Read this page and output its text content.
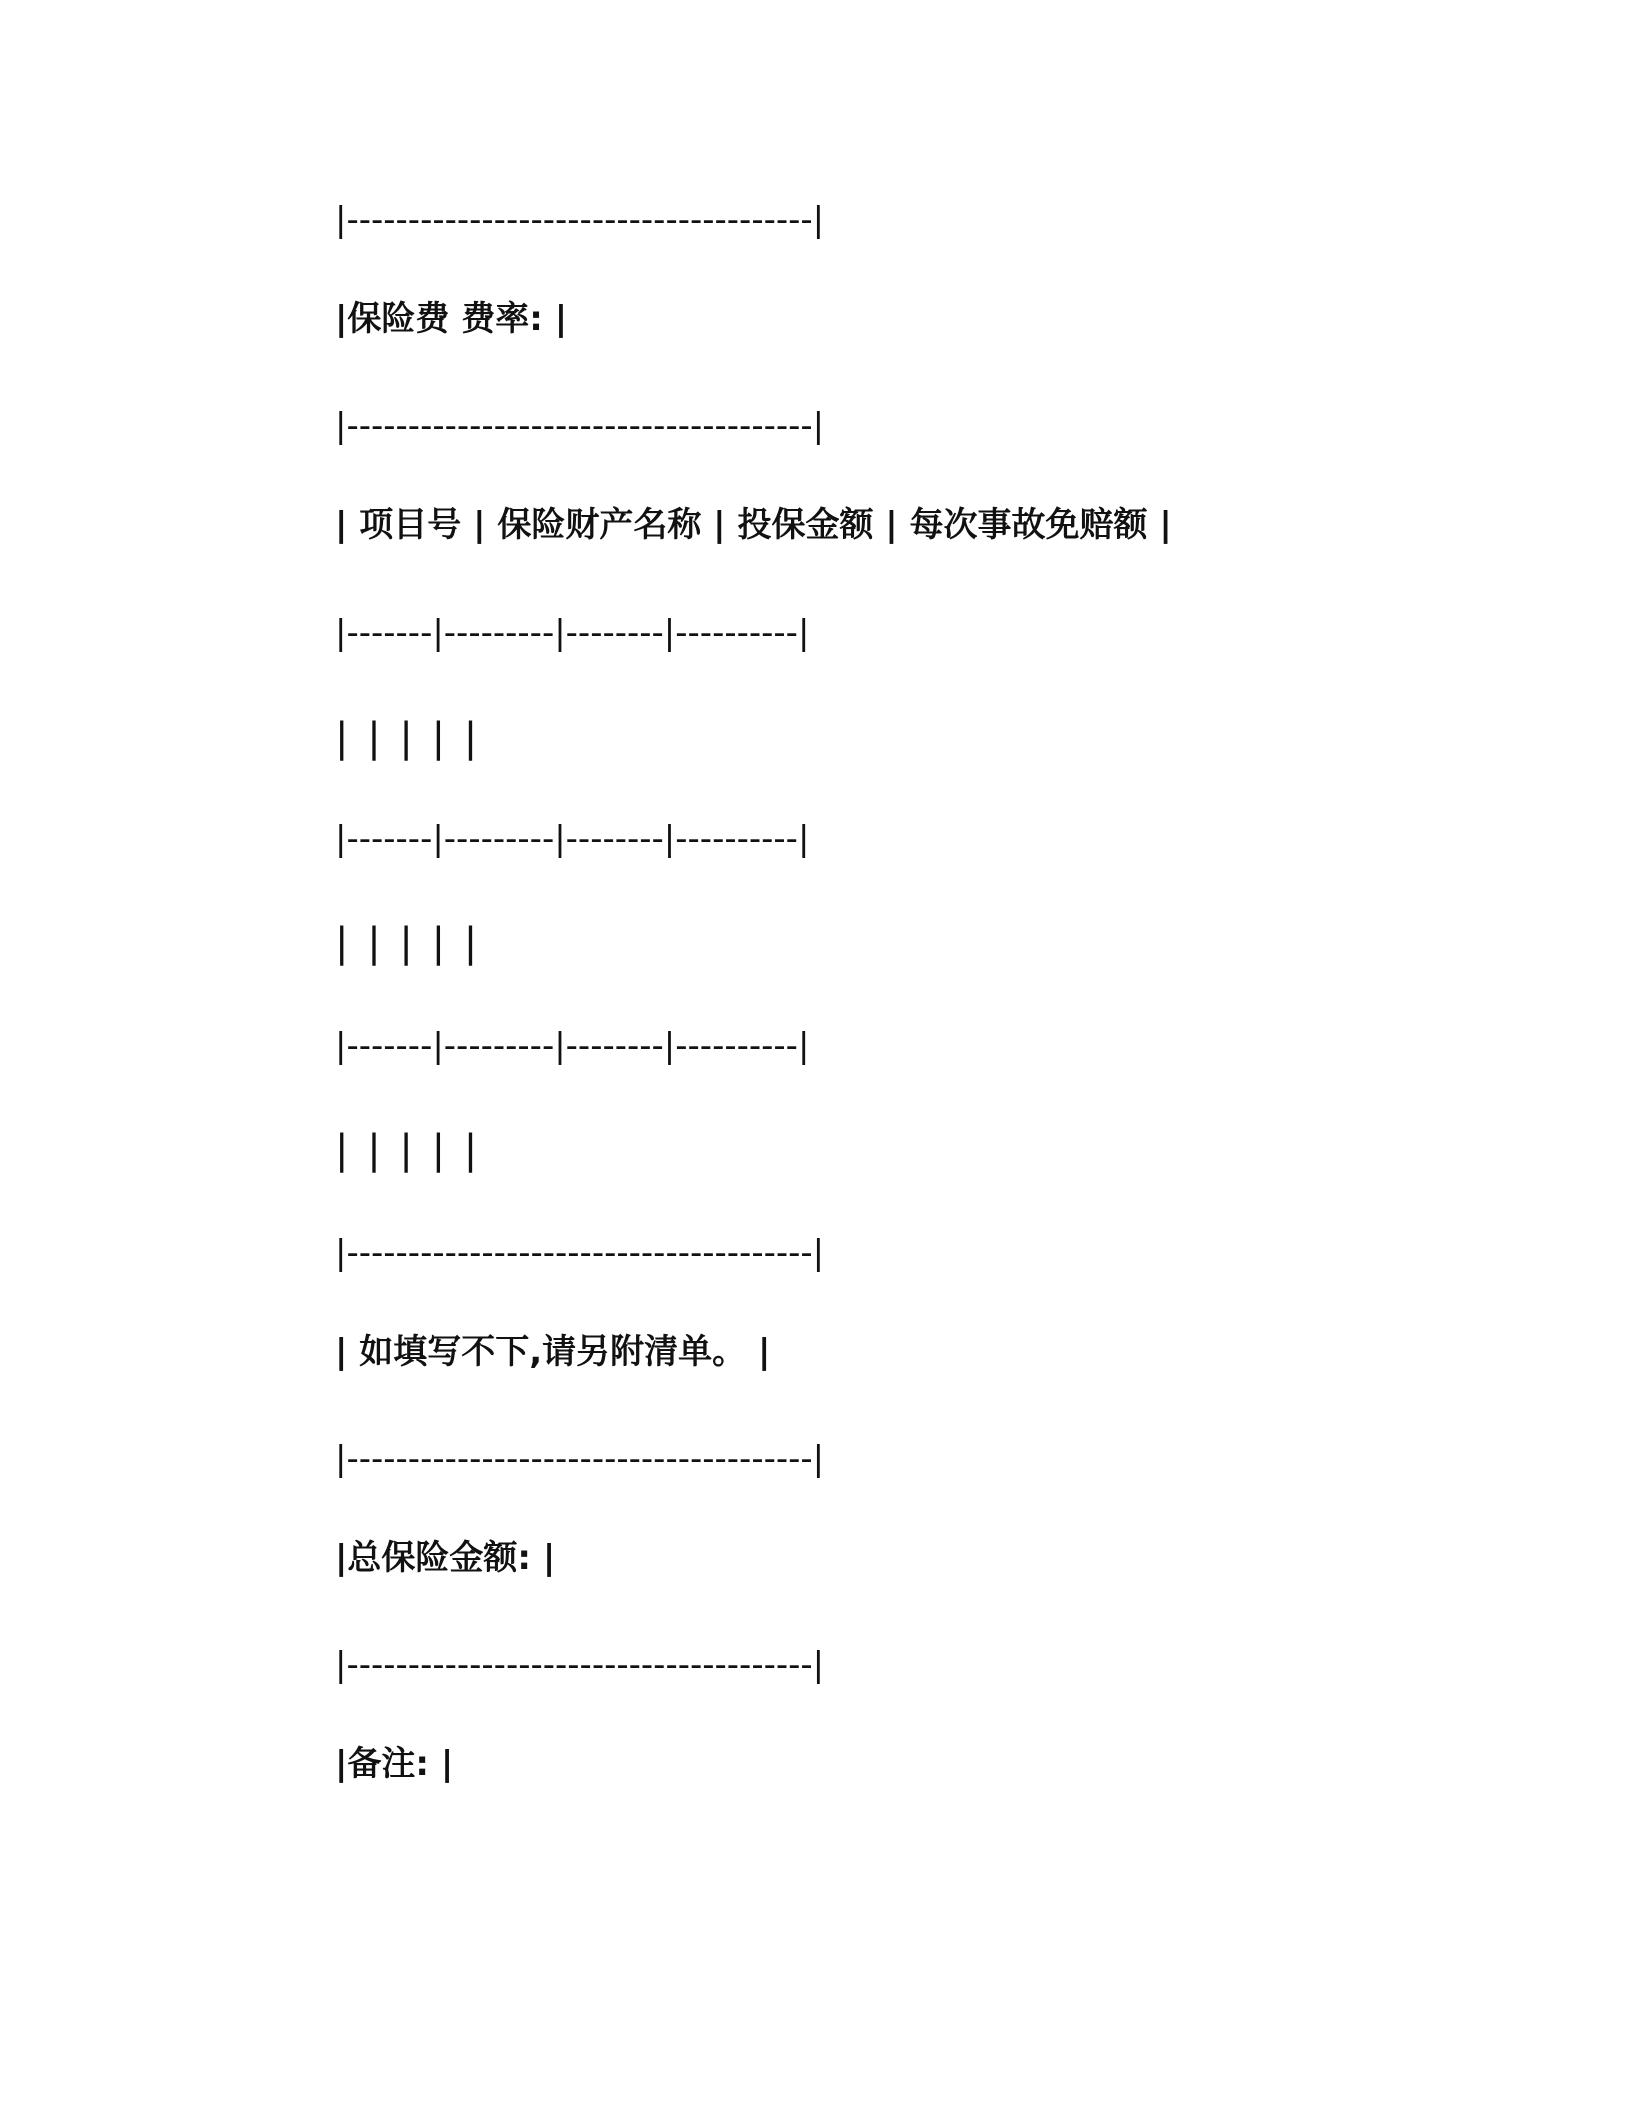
|--------------------------------------|
|保险费 费率: |
|--------------------------------------|
| 项目号 | 保险财产名称 | 投保金额 | 每次事故免赔额 |
|-------|---------|--------|----------|
| | | | |
|-------|---------|--------|----------|
| | | | |
|-------|---------|--------|----------|
| | | | |
|--------------------------------------|
| 如填写不下,请另附清单。 |
|--------------------------------------|
|总保险金额: |
|--------------------------------------|
|备注: |
